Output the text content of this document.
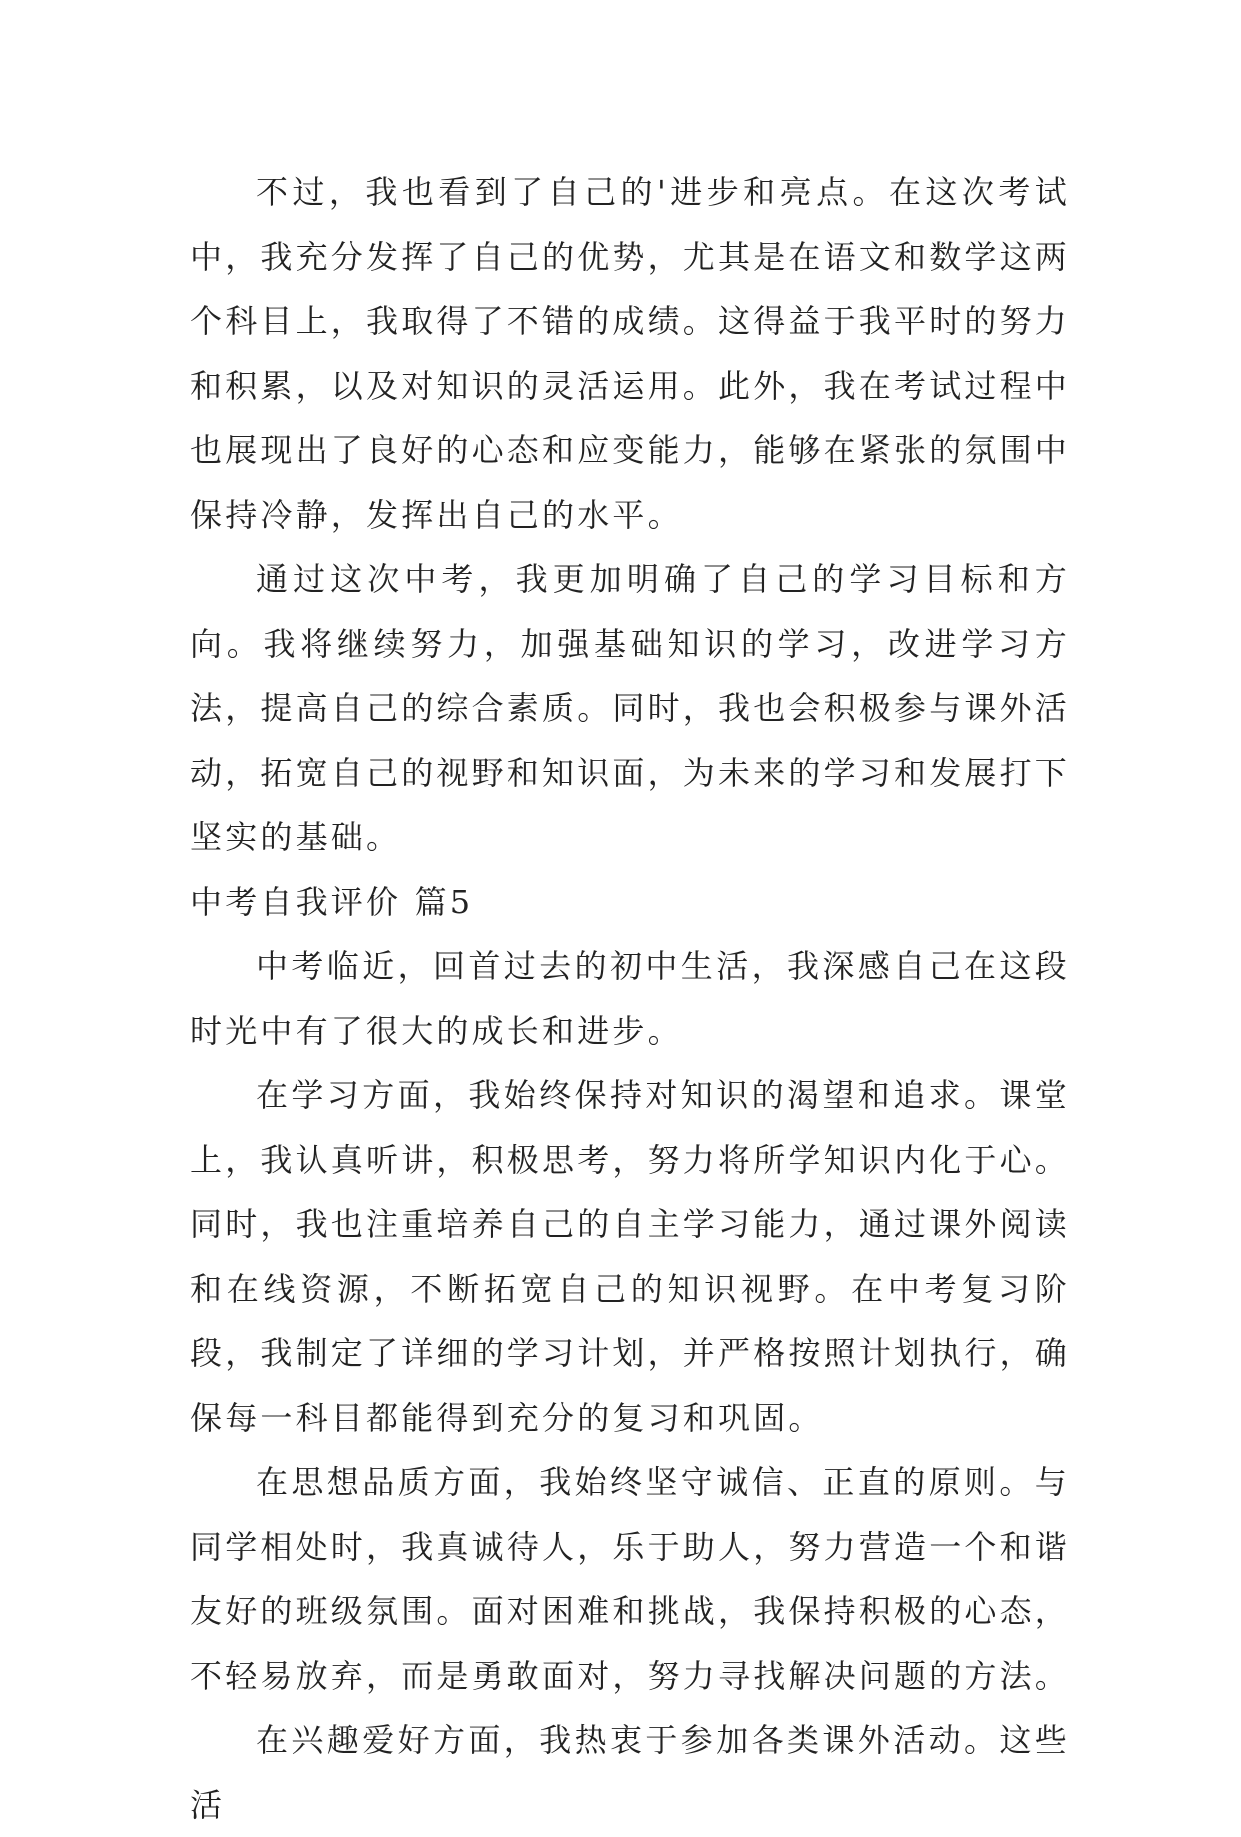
不过，我也看到了自己的'进步和亮点。在这次考试中，我充分发挥了自己的优势，尤其是在语文和数学这两个科目上，我取得了不错的成绩。这得益于我平时的努力和积累，以及对知识的灵活运用。此外，我在考试过程中也展现出了良好的心态和应变能力，能够在紧张的氛围中保持冷静，发挥出自己的水平。

通过这次中考，我更加明确了自己的学习目标和方向。我将继续努力，加强基础知识的学习，改进学习方法，提高自己的综合素质。同时，我也会积极参与课外活动，拓宽自己的视野和知识面，为未来的学习和发展打下坚实的基础。

中考自我评价 篇5

中考临近，回首过去的初中生活，我深感自己在这段时光中有了很大的成长和进步。

在学习方面，我始终保持对知识的渴望和追求。课堂上，我认真听讲，积极思考，努力将所学知识内化于心。同时，我也注重培养自己的自主学习能力，通过课外阅读和在线资源，不断拓宽自己的知识视野。在中考复习阶段，我制定了详细的学习计划，并严格按照计划执行，确保每一科目都能得到充分的复习和巩固。

在思想品质方面，我始终坚守诚信、正直的原则。与同学相处时，我真诚待人，乐于助人，努力营造一个和谐友好的班级氛围。面对困难和挑战，我保持积极的心态，不轻易放弃，而是勇敢面对，努力寻找解决问题的方法。

在兴趣爱好方面，我热衷于参加各类课外活动。这些活
